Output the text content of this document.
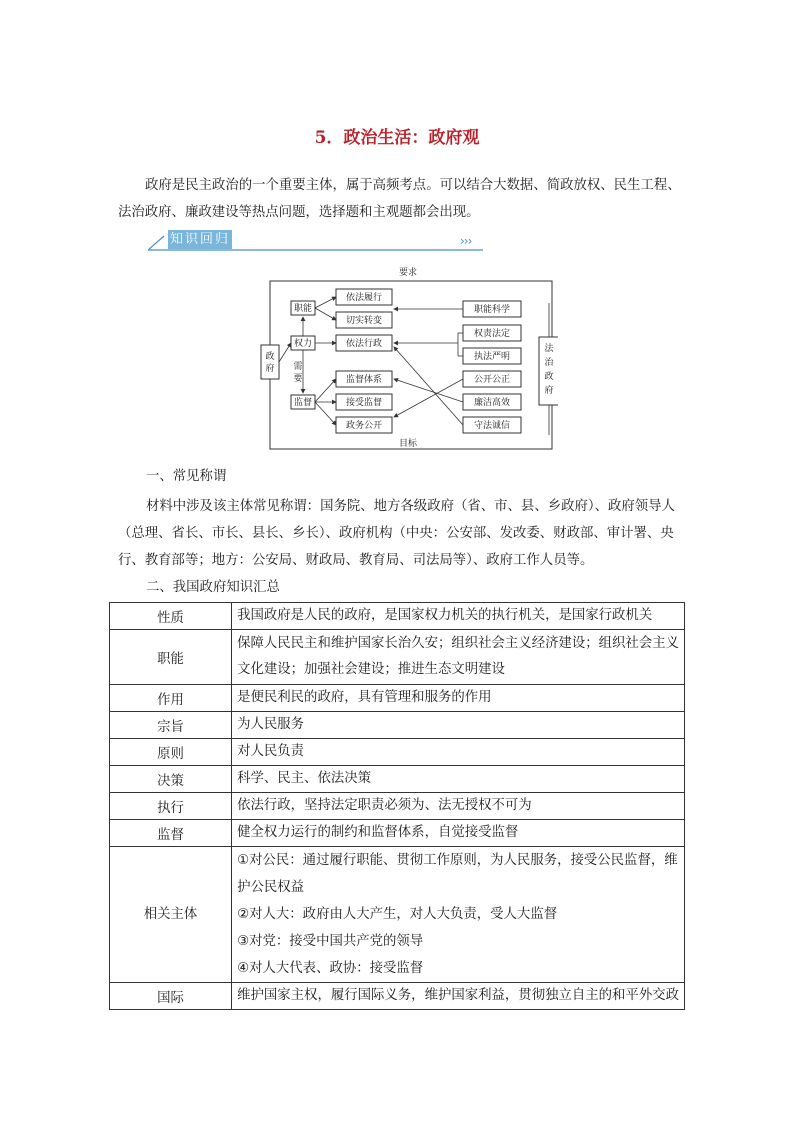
5．政治生活：政府观
政府是民主政治的一个重要主体，属于高频考点。可以结合大数据、简政放权、民生工程、法治政府、廉政建设等热点问题，选择题和主观题都会出现。
知识回归	›››
要求
目标
政
府
法
治
政
府
职能
权力
需
要
监督
依法履行
切实转变
依法行政
监督体系
接受监督
政务公开
职能科学
权责法定
执法严明
公开公正
廉洁高效
守法诚信
一、常见称谓
材料中涉及该主体常见称谓：国务院、地方各级政府（省、市、县、乡政府）、政府领导人（总理、省长、市长、县长、乡长）、政府机构（中央：公安部、发改委、财政部、审计署、央行、教育部等；地方：公安局、财政局、教育局、司法局等）、政府工作人员等。
二、我国政府知识汇总
性质	我国政府是人民的政府，是国家权力机关的执行机关，是国家行政机关
职能	保障人民民主和维护国家长治久安；组织社会主义经济建设；组织社会主义文化建设；加强社会建设；推进生态文明建设
作用	是便民利民的政府，具有管理和服务的作用
宗旨	为人民服务
原则	对人民负责
决策	科学、民主、依法决策
执行	依法行政，坚持法定职责必须为、法无授权不可为
监督	健全权力运行的制约和监督体系，自觉接受监督
相关主体	①对公民：通过履行职能、贯彻工作原则，为人民服务，接受公民监督，维护公民权益
②对人大：政府由人大产生，对人大负责，受人大监督
③对党：接受中国共产党的领导
④对人大代表、政协：接受监督

国际	维护国家主权，履行国际义务，维护国家利益，贯彻独立自主的和平外交政
